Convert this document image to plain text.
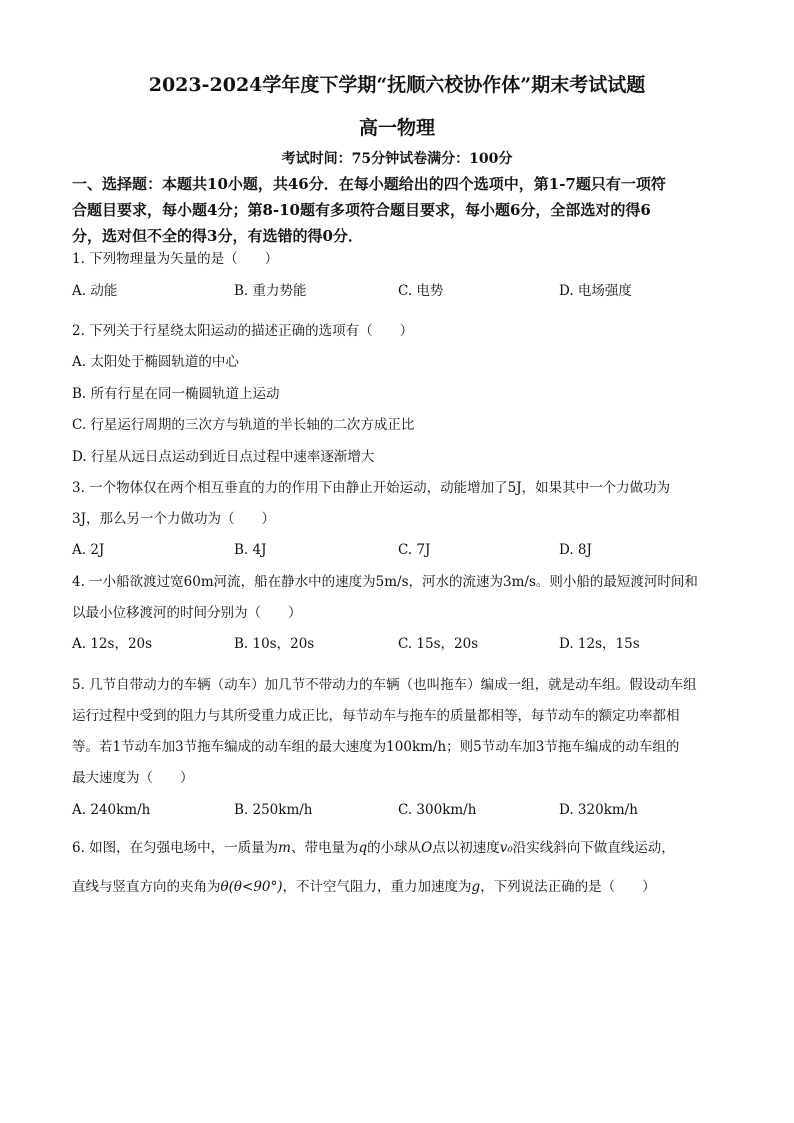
2023-2024学年度下学期“抚顺六校协作体”期末考试试题
高一物理
考试时间：75分钟试卷满分：100分
一、选择题：本题共10小题，共46分．在每小题给出的四个选项中，第1-7题只有一项符
合题目要求，每小题4分；第8-10题有多项符合题目要求，每小题6分，全部选对的得6
分，选对但不全的得3分，有选错的得0分．
1. 下列物理量为矢量的是（　　）
A. 动能	B. 重力势能	C. 电势	D. 电场强度
2. 下列关于行星绕太阳运动的描述正确的选项有（　　）
A. 太阳处于椭圆轨道的中心
B. 所有行星在同一椭圆轨道上运动
C. 行星运行周期的三次方与轨道的半长轴的二次方成正比
D. 行星从远日点运动到近日点过程中速率逐渐增大
3. 一个物体仅在两个相互垂直的力的作用下由静止开始运动，动能增加了5J，如果其中一个力做功为
3J，那么另一个力做功为（　　）
A. 2J	B. 4J	C. 7J	D. 8J
4. 一小船欲渡过宽60m河流，船在静水中的速度为5m/s，河水的流速为3m/s。则小船的最短渡河时间和
以最小位移渡河的时间分别为（　　）
A. 12s，20s	B. 10s，20s	C. 15s，20s	D. 12s，15s
5. 几节自带动力的车辆（动车）加几节不带动力的车辆（也叫拖车）编成一组，就是动车组。假设动车组
运行过程中受到的阻力与其所受重力成正比，每节动车与拖车的质量都相等，每节动车的额定功率都相
等。若1节动车加3节拖车编成的动车组的最大速度为100km/h；则5节动车加3节拖车编成的动车组的
最大速度为（　　）
A. 240km/h	B. 250km/h	C. 300km/h	D. 320km/h
6. 如图，在匀强电场中，一质量为m、带电量为q的小球从O点以初速度v₀沿实线斜向下做直线运动，
直线与竖直方向的夹角为θ(θ<90°)，不计空气阻力，重力加速度为g，下列说法正确的是（　　）
